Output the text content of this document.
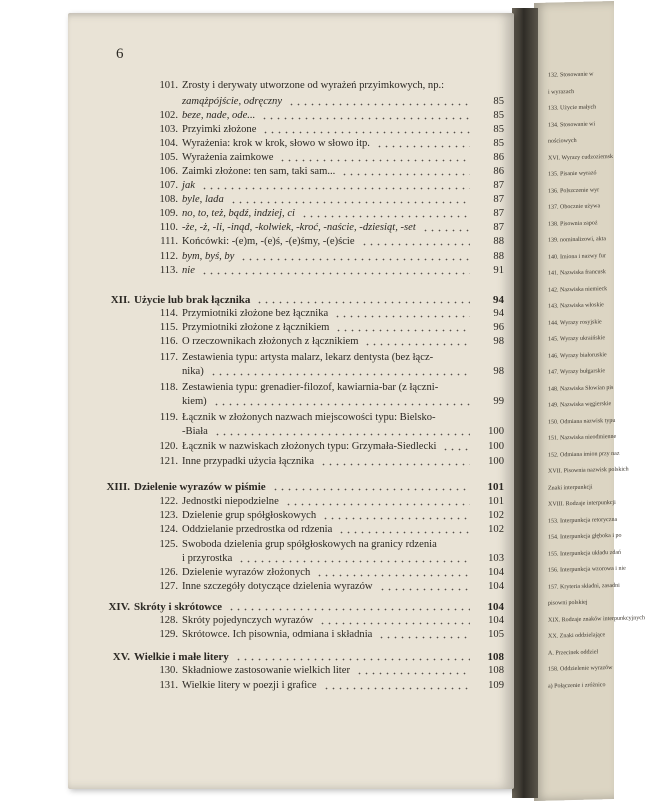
132. Stosowanie w
i wyrazach
133. Użycie małych
134. Stosowanie wi
nościowych
XVI. Wyrazy cudzoziemsk
135. Pisanie wyrazó
136. Polszczenie wyr
137. Obocznie używa
138. Pisownia zapoż
139. nominalizowi, akta
140. Imiona i nazwy fur
141. Nazwiska francusk
142. Nazwiska niemieck
143. Nazwiska włoskie
144. Wyrazy rosyjskie
145. Wyrazy ukraińskie
146. Wyrazy białoruskie
147. Wyrazy bułgarskie
148. Nazwiska Słowian pis
149. Nazwiska węgierskie
150. Odmiana nazwisk typu
151. Nazwiska nieodmienne
152. Odmiana imion przy naz
XVII. Pisownia nazwisk polskich
Znaki interpunkcji
XVIII. Rodzaje interpunkcji
153. Interpunkcja retoryczna
154. Interpunkcja głęboka i po
155. Interpunkcja układu zdań
156. Interpunkcja wzorowa i nie
157. Kryteria składni, zasadni
pisowni polskiej
XIX. Rodzaje znaków interpunkcyjnych
XX. Znaki oddzielające
A. Przecinek oddziel
158. Oddzielenie wyrazów
a) Połączenie i zróżnico
6
101. Zrosty i derywaty utworzone od wyrażeń przyimkowych, np.:
zamążpójście, odręczny	85
102. beze, nade, ode...	85
103. Przyimki złożone	85
104. Wyrażenia: krok w krok, słowo w słowo itp.	85
105. Wyrażenia zaimkowe	86
106. Zaimki złożone: ten sam, taki sam...	86
107. jak	87
108. byle, lada	87
109. no, to, też, bądź, indziej, ci	87
110. -że, -ż, -li, -inąd, -kolwiek, -kroć, -naście, -dziesiąt, -set	87
111. Końcówki: -(e)m, -(e)ś, -(e)śmy, -(e)ście	88
112. bym, byś, by	88
113. nie	91
XII. Użycie lub brak łącznika	94
114. Przymiotniki złożone bez łącznika	94
115. Przymiotniki złożone z łącznikiem	96
116. O rzeczownikach złożonych z łącznikiem	98
117. Zestawienia typu: artysta malarz, lekarz dentysta (bez łącz-
nika)	98
118. Zestawienia typu: grenadier-filozof, kawiarnia-bar (z łączni-
kiem)	99
119. Łącznik w złożonych nazwach miejscowości typu: Bielsko-
-Biała	100
120. Łącznik w nazwiskach złożonych typu: Grzymała-Siedlecki	100
121. Inne przypadki użycia łącznika	100
XIII. Dzielenie wyrazów w piśmie	101
122. Jednostki niepodzielne	101
123. Dzielenie grup spółgłoskowych	102
124. Oddzielanie przedrostka od rdzenia	102
125. Swoboda dzielenia grup spółgłoskowych na granicy rdzenia
i przyrostka	103
126. Dzielenie wyrazów złożonych	104
127. Inne szczegóły dotyczące dzielenia wyrazów	104
XIV. Skróty i skrótowce	104
128. Skróty pojedynczych wyrazów	104
129. Skrótowce. Ich pisownia, odmiana i składnia	105
XV. Wielkie i małe litery	108
130. Składniowe zastosowanie wielkich liter	108
131. Wielkie litery w poezji i grafice	109
